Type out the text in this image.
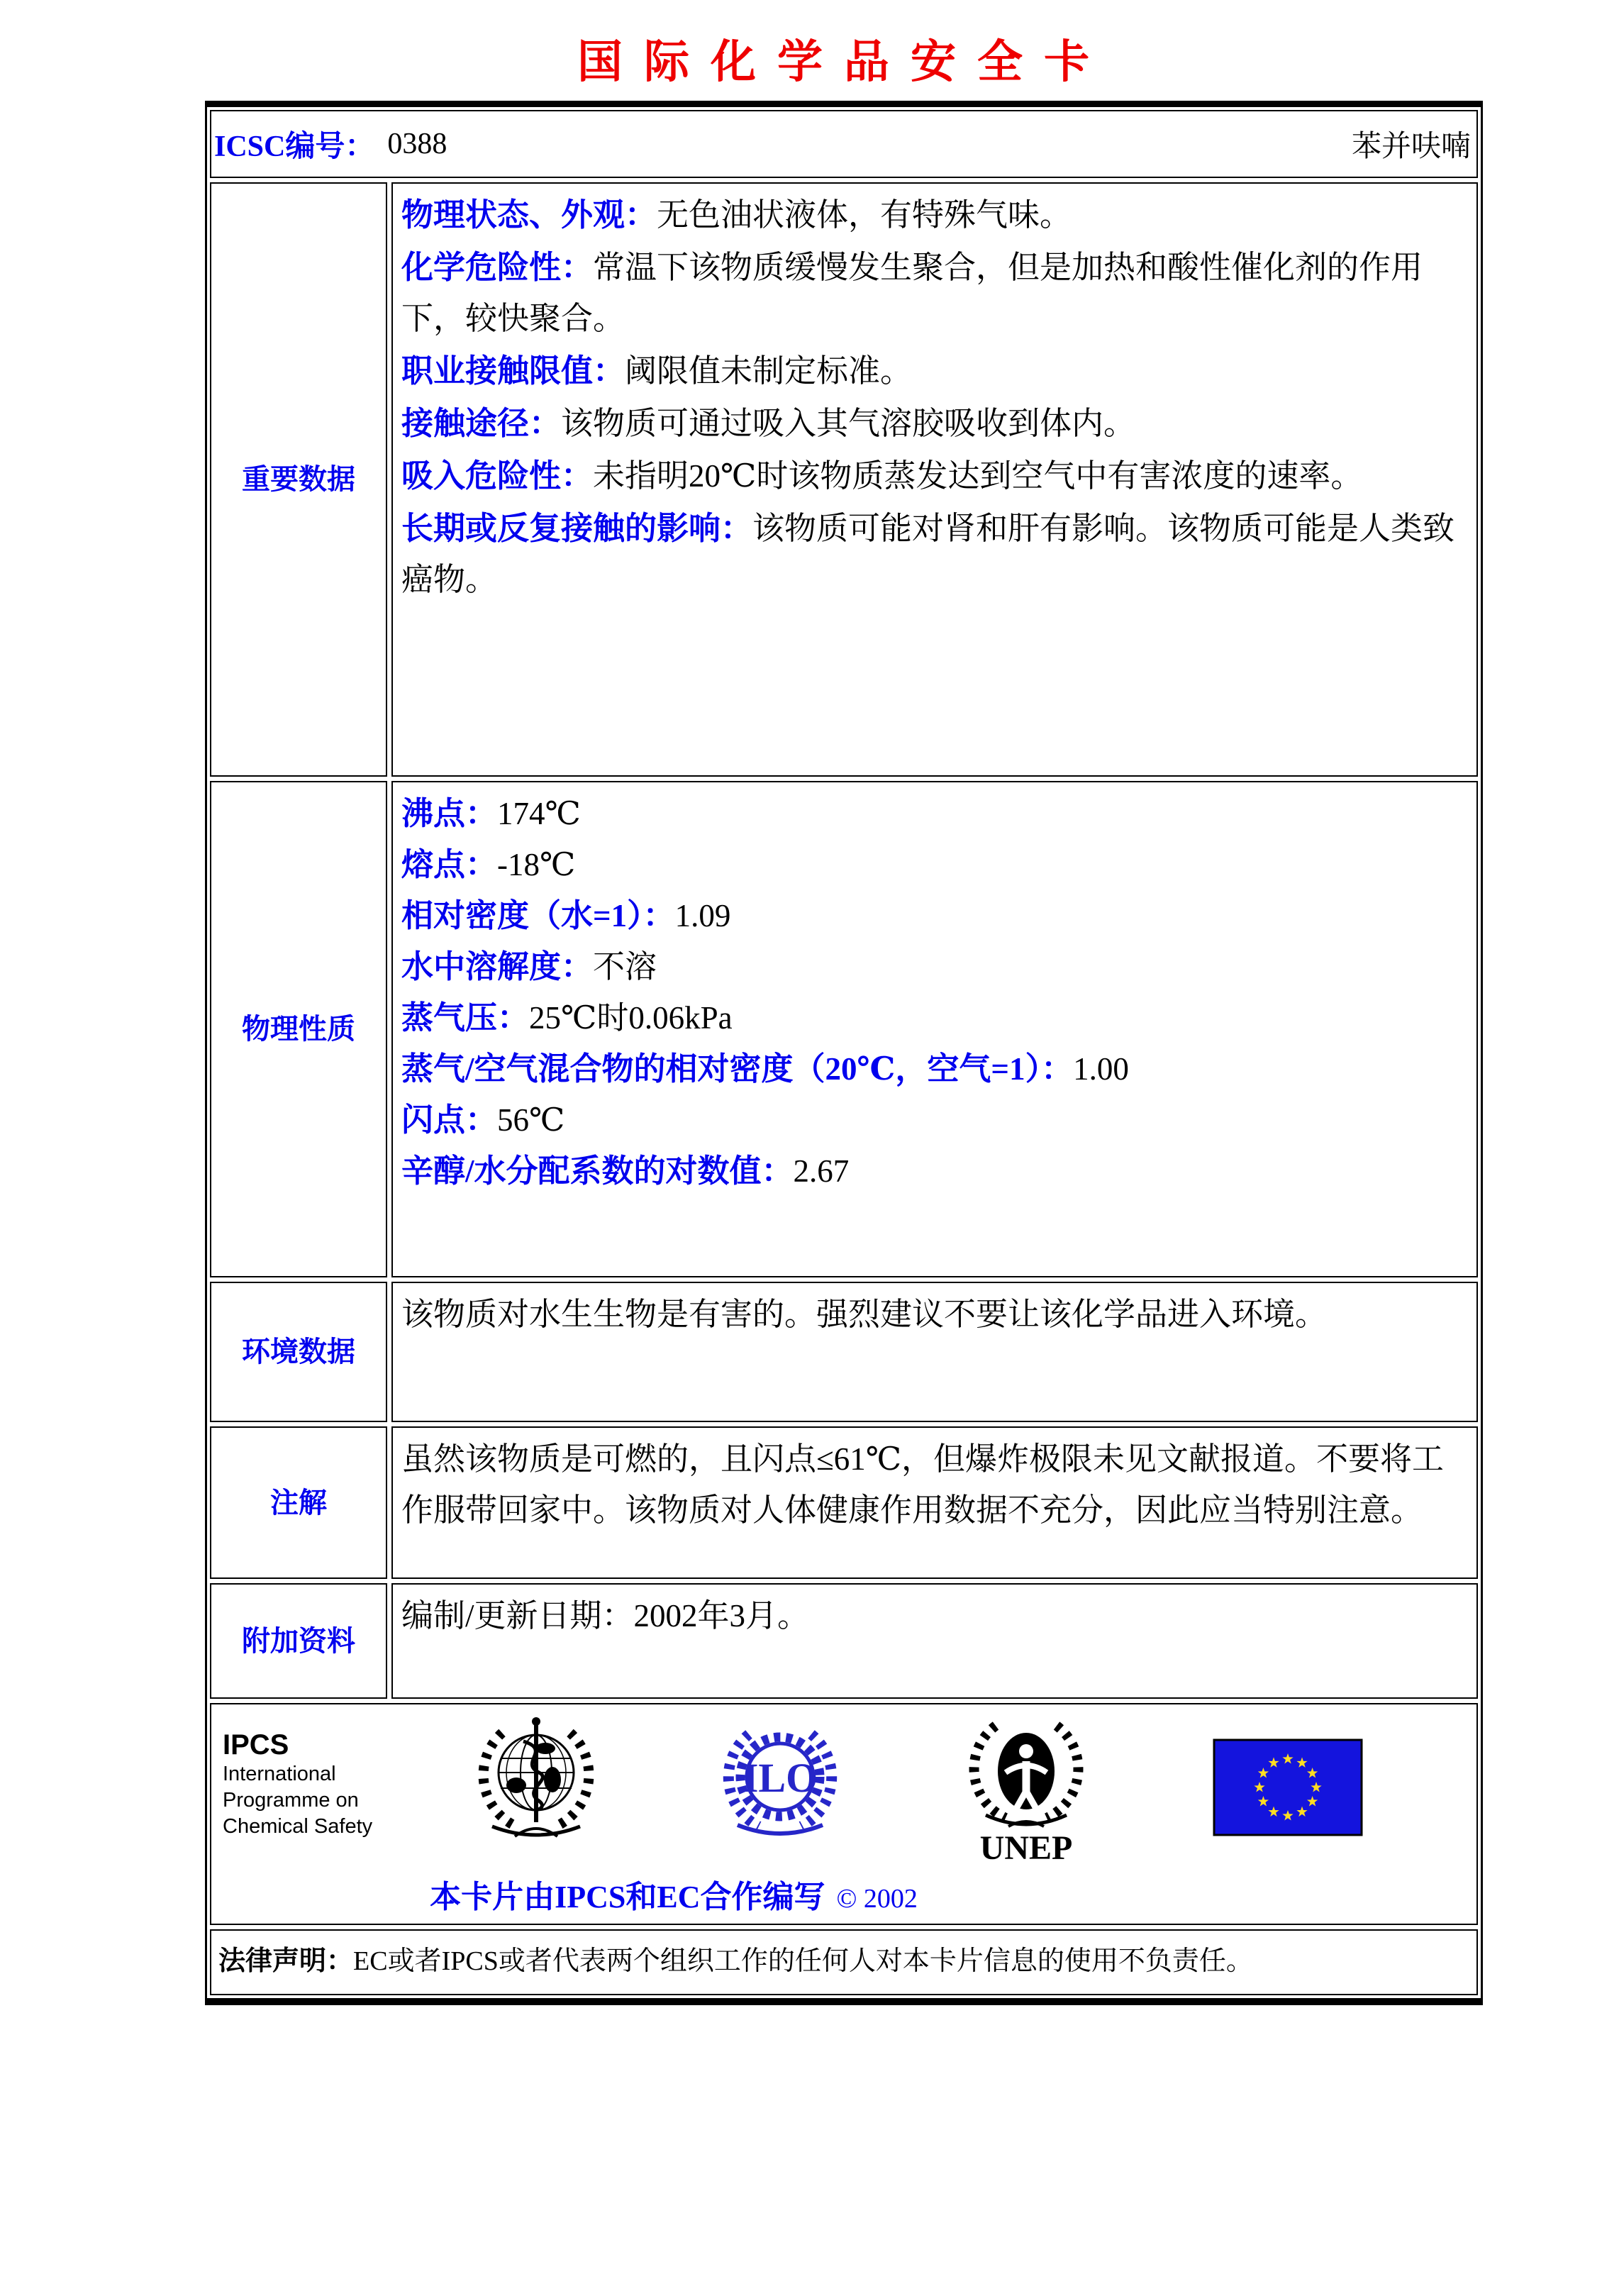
国际化学品安全卡
ICSC编号： 0388	苯并呋喃
重要数据
物理状态、外观：无色油状液体，有特殊气味。
化学危险性：常温下该物质缓慢发生聚合，但是加热和酸性催化剂的作用下，较快聚合。
职业接触限值：阈限值未制定标准。
接触途径：该物质可通过吸入其气溶胶吸收到体内。
吸入危险性：未指明20℃时该物质蒸发达到空气中有害浓度的速率。
长期或反复接触的影响：该物质可能对肾和肝有影响。该物质可能是人类致癌物。
物理性质
沸点：174℃
熔点：-18℃
相对密度（水=1）：1.09
水中溶解度：不溶
蒸气压：25℃时0.06kPa
蒸气/空气混合物的相对密度（20℃，空气=1）：1.00
闪点：56℃
辛醇/水分配系数的对数值：2.67
环境数据
该物质对水生生物是有害的。强烈建议不要让该化学品进入环境。
注解
虽然该物质是可燃的，且闪点≤61℃，但爆炸极限未见文献报道。不要将工作服带回家中。该物质对人体健康作用数据不充分，因此应当特别注意。
附加资料
编制/更新日期：2002年3月。
IPCS
International
Programme on
Chemical Safety
ILO
UNEP
本卡片由IPCS和EC合作编写 © 2002
法律声明：EC或者IPCS或者代表两个组织工作的任何人对本卡片信息的使用不负责任。
